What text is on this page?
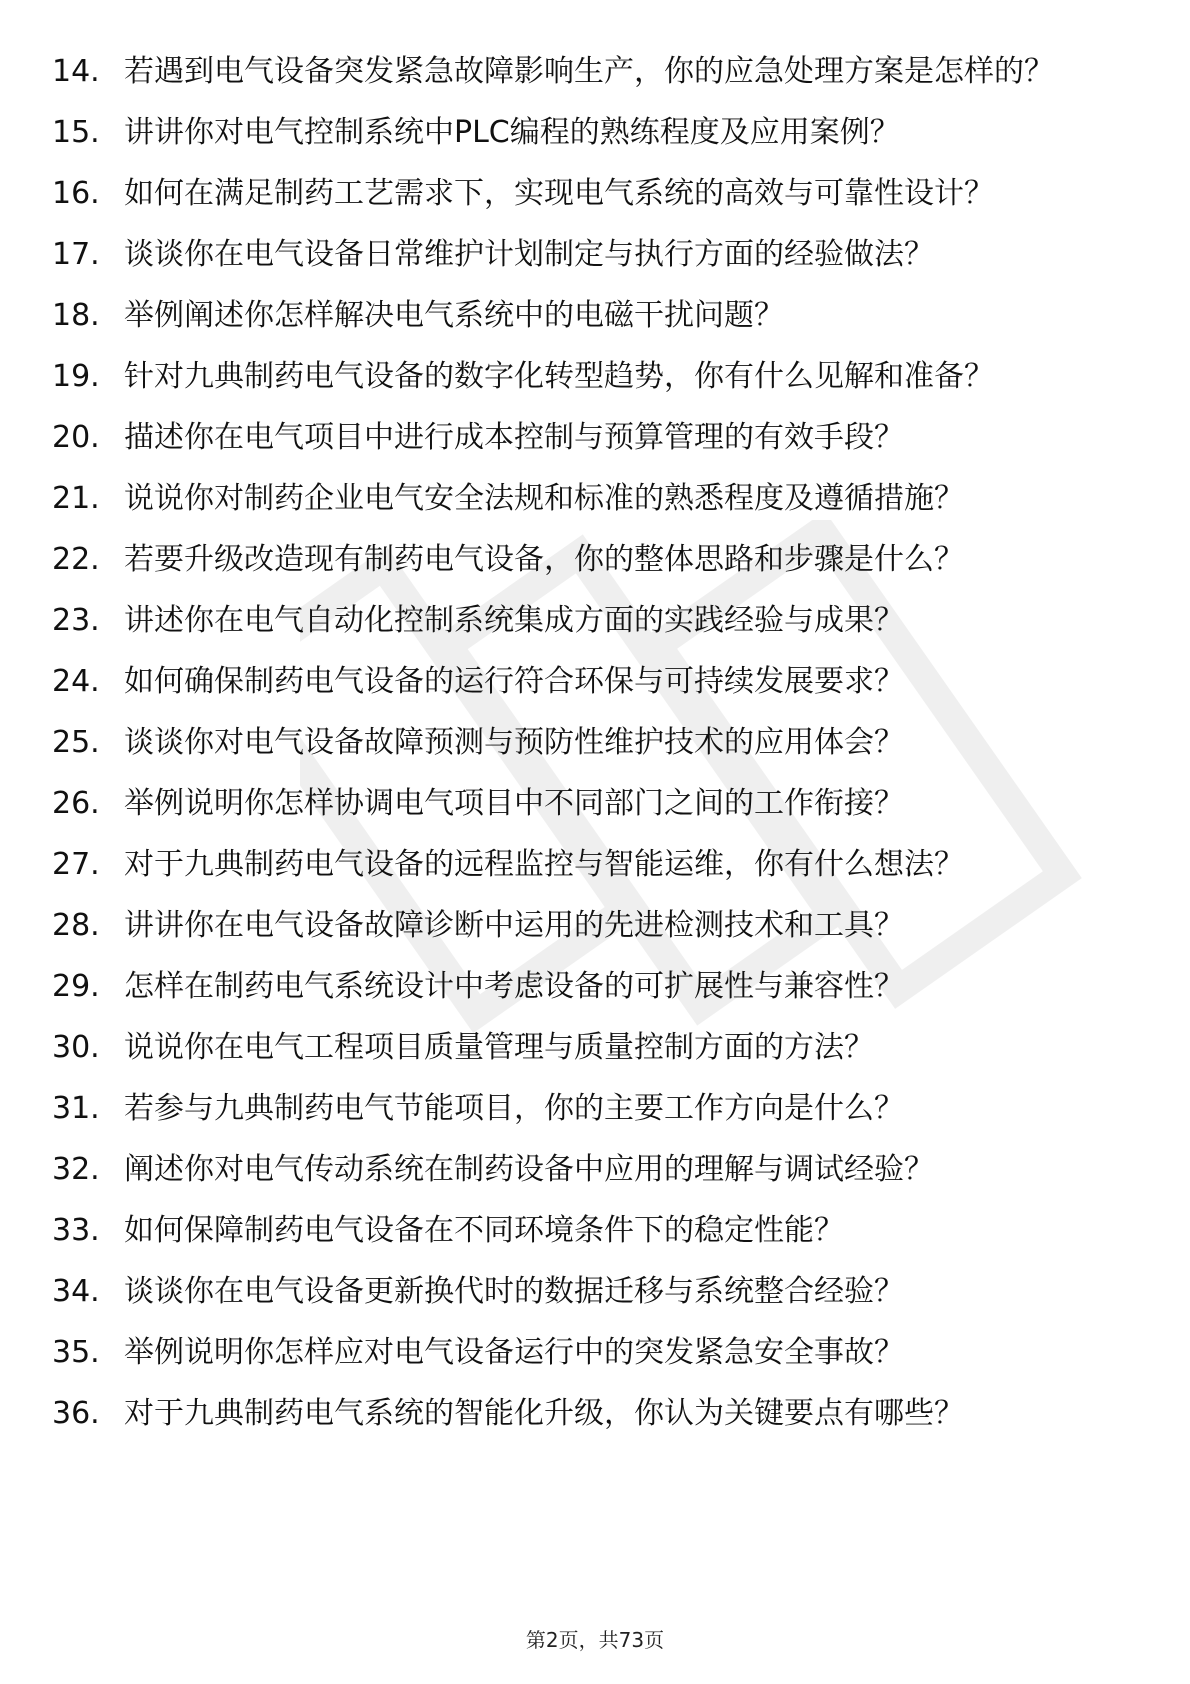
14. 若遇到电气设备突发紧急故障影响生产，你的应急处理方案是怎样的？
15. 讲讲你对电气控制系统中PLC编程的熟练程度及应用案例？
16. 如何在满足制药工艺需求下，实现电气系统的高效与可靠性设计？
17. 谈谈你在电气设备日常维护计划制定与执行方面的经验做法？
18. 举例阐述你怎样解决电气系统中的电磁干扰问题？
19. 针对九典制药电气设备的数字化转型趋势，你有什么见解和准备？
20. 描述你在电气项目中进行成本控制与预算管理的有效手段？
21. 说说你对制药企业电气安全法规和标准的熟悉程度及遵循措施？
22. 若要升级改造现有制药电气设备，你的整体思路和步骤是什么？
23. 讲述你在电气自动化控制系统集成方面的实践经验与成果？
24. 如何确保制药电气设备的运行符合环保与可持续发展要求？
25. 谈谈你对电气设备故障预测与预防性维护技术的应用体会？
26. 举例说明你怎样协调电气项目中不同部门之间的工作衔接？
27. 对于九典制药电气设备的远程监控与智能运维，你有什么想法？
28. 讲讲你在电气设备故障诊断中运用的先进检测技术和工具？
29. 怎样在制药电气系统设计中考虑设备的可扩展性与兼容性？
30. 说说你在电气工程项目质量管理与质量控制方面的方法？
31. 若参与九典制药电气节能项目，你的主要工作方向是什么？
32. 阐述你对电气传动系统在制药设备中应用的理解与调试经验？
33. 如何保障制药电气设备在不同环境条件下的稳定性能？
34. 谈谈你在电气设备更新换代时的数据迁移与系统整合经验？
35. 举例说明你怎样应对电气设备运行中的突发紧急安全事故？
36. 对于九典制药电气系统的智能化升级，你认为关键要点有哪些？
第2页，共73页
